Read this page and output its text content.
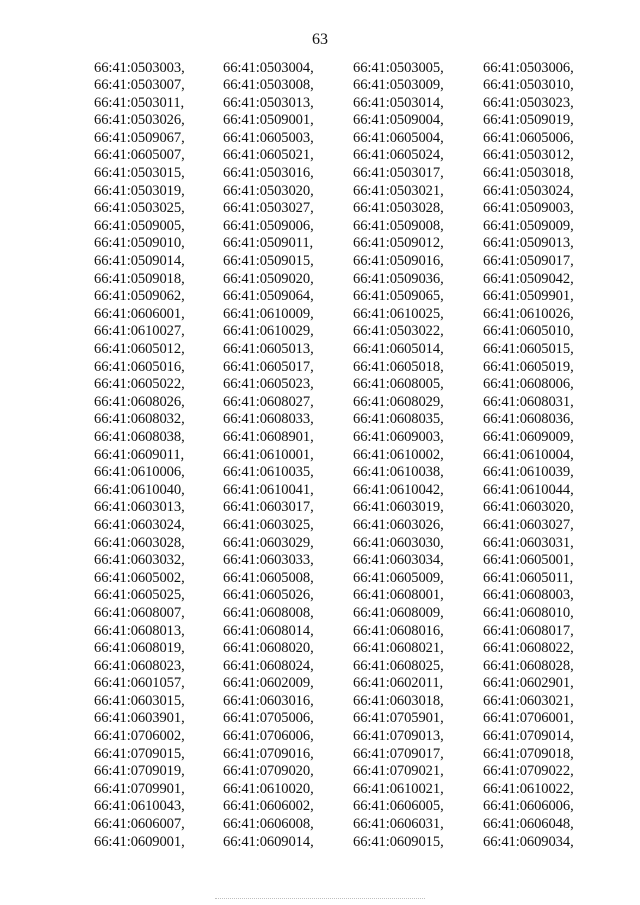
63
66:41:0503003,	66:41:0503004,	66:41:0503005,	66:41:0503006,
66:41:0503007,	66:41:0503008,	66:41:0503009,	66:41:0503010,
66:41:0503011,	66:41:0503013,	66:41:0503014,	66:41:0503023,
66:41:0503026,	66:41:0509001,	66:41:0509004,	66:41:0509019,
66:41:0509067,	66:41:0605003,	66:41:0605004,	66:41:0605006,
66:41:0605007,	66:41:0605021,	66:41:0605024,	66:41:0503012,
66:41:0503015,	66:41:0503016,	66:41:0503017,	66:41:0503018,
66:41:0503019,	66:41:0503020,	66:41:0503021,	66:41:0503024,
66:41:0503025,	66:41:0503027,	66:41:0503028,	66:41:0509003,
66:41:0509005,	66:41:0509006,	66:41:0509008,	66:41:0509009,
66:41:0509010,	66:41:0509011,	66:41:0509012,	66:41:0509013,
66:41:0509014,	66:41:0509015,	66:41:0509016,	66:41:0509017,
66:41:0509018,	66:41:0509020,	66:41:0509036,	66:41:0509042,
66:41:0509062,	66:41:0509064,	66:41:0509065,	66:41:0509901,
66:41:0606001,	66:41:0610009,	66:41:0610025,	66:41:0610026,
66:41:0610027,	66:41:0610029,	66:41:0503022,	66:41:0605010,
66:41:0605012,	66:41:0605013,	66:41:0605014,	66:41:0605015,
66:41:0605016,	66:41:0605017,	66:41:0605018,	66:41:0605019,
66:41:0605022,	66:41:0605023,	66:41:0608005,	66:41:0608006,
66:41:0608026,	66:41:0608027,	66:41:0608029,	66:41:0608031,
66:41:0608032,	66:41:0608033,	66:41:0608035,	66:41:0608036,
66:41:0608038,	66:41:0608901,	66:41:0609003,	66:41:0609009,
66:41:0609011,	66:41:0610001,	66:41:0610002,	66:41:0610004,
66:41:0610006,	66:41:0610035,	66:41:0610038,	66:41:0610039,
66:41:0610040,	66:41:0610041,	66:41:0610042,	66:41:0610044,
66:41:0603013,	66:41:0603017,	66:41:0603019,	66:41:0603020,
66:41:0603024,	66:41:0603025,	66:41:0603026,	66:41:0603027,
66:41:0603028,	66:41:0603029,	66:41:0603030,	66:41:0603031,
66:41:0603032,	66:41:0603033,	66:41:0603034,	66:41:0605001,
66:41:0605002,	66:41:0605008,	66:41:0605009,	66:41:0605011,
66:41:0605025,	66:41:0605026,	66:41:0608001,	66:41:0608003,
66:41:0608007,	66:41:0608008,	66:41:0608009,	66:41:0608010,
66:41:0608013,	66:41:0608014,	66:41:0608016,	66:41:0608017,
66:41:0608019,	66:41:0608020,	66:41:0608021,	66:41:0608022,
66:41:0608023,	66:41:0608024,	66:41:0608025,	66:41:0608028,
66:41:0601057,	66:41:0602009,	66:41:0602011,	66:41:0602901,
66:41:0603015,	66:41:0603016,	66:41:0603018,	66:41:0603021,
66:41:0603901,	66:41:0705006,	66:41:0705901,	66:41:0706001,
66:41:0706002,	66:41:0706006,	66:41:0709013,	66:41:0709014,
66:41:0709015,	66:41:0709016,	66:41:0709017,	66:41:0709018,
66:41:0709019,	66:41:0709020,	66:41:0709021,	66:41:0709022,
66:41:0709901,	66:41:0610020,	66:41:0610021,	66:41:0610022,
66:41:0610043,	66:41:0606002,	66:41:0606005,	66:41:0606006,
66:41:0606007,	66:41:0606008,	66:41:0606031,	66:41:0606048,
66:41:0609001,	66:41:0609014,	66:41:0609015,	66:41:0609034,
